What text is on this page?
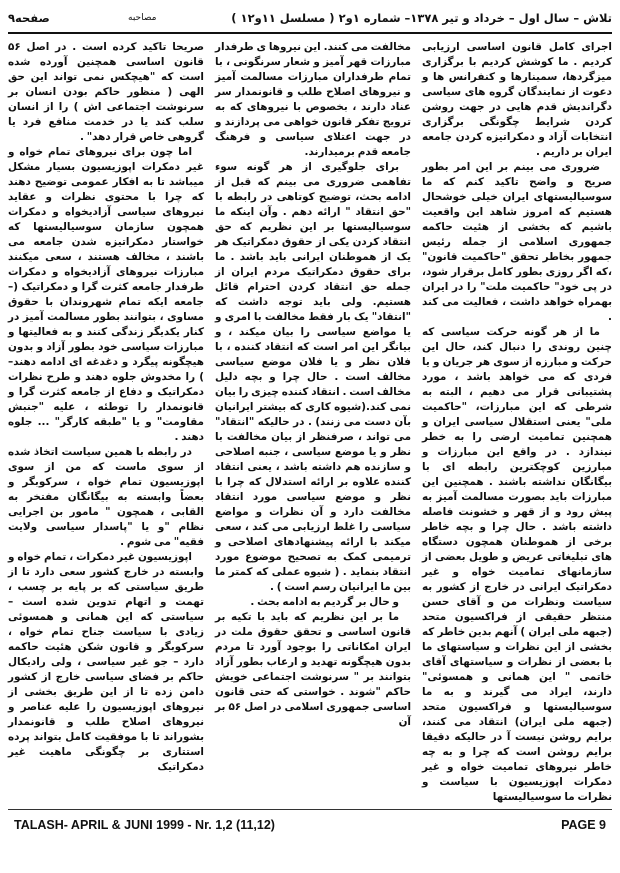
تلاش – سال اول – خرداد و تیر ۱۳۷۸– شماره ۱و۲ ( مسلسل ۱۱و۱۲ )
مصاحبه
صفحه۹

اجرای کامل قانون اساسی ارزیابی کردیم . ما کوشش کردیم با برگزاری میزگردها، سمینارها و کنفرانس ها و دعوت از نمایندگان گروه های سیاسی دگراندیش قدم هایی در جهت روشن کردن شرایط چگونگی برگزاری انتخابات آزاد و دمکراتیزه کردن جامعه ایران بر داریم .

ضروری می بینم بر این امر بطور صریح و واضح تاکید کنم که ما سوسیالیستهای ایران خیلی خوشحال هستیم که امروز شاهد این واقعیت باشیم که بخشی از هئیت حاکمه جمهوری اسلامی از جمله رئیس جمهور بخاطر تحقق "حاکمیت قانون" ،که اگر روزی بطور کامل برقرار شود، در پی خود" حاکمیت ملت" را در ایران بهمراه خواهد داشت ، فعالیت می کند .

ما از هر گونه حرکت سیاسی که چنین روندی را دنبال کند، حال این حرکت و مبارزه از سوی هر جریان و یا فردی که می خواهد باشد ، مورد پشتیبانی قرار می دهیم ، البته به شرطی که این مبارزات، "حاکمیت ملی" یعنی استقلال سیاسی ایران و همچنین تمامیت ارضی را به خطر نیندازد . در واقع این مبارزات و مبارزین کوچکترین رابطه ای با بیگانگان نداشته باشند . همچنین این مبارزات باید بصورت مسالمت آمیز به پیش رود و از قهر و خشونت فاصله داشته باشد . حال چرا و بچه خاطر برخی از هموطنان همچون دستگاه های تبلیغاتی عریض و طویل بعضی از سازمانهای تمامیت خواه و غیر دمکراتیک ایرانی در خارج از کشور به سیاست ونظرات من و آقای حسن منتظر حقیقی از فراکسیون متحد (جبهه ملی ایران ) آنهم بدین خاطر که بخشی از این نظرات و سیاستهای ما با بعضی از نظرات و سیاستهای آقای خاتمی " این همانی و همسوئی" دارند، ایراد می گیرند و به ما سوسیالیستها و فراکسیون متحد (جبهه ملی ایران) انتقاد می کنند، برایم روشن نیست آ در حالیکه دقیقا برایم روشن است که چرا و به چه خاطر نیروهای تمامیت خواه و غیر دمکرات اپوزیسیون با سیاست و نظرات ما سوسیالیستها

مخالفت می کنند. این نیروها ی طرفدار مبارزات قهر آمیز و شعار سرنگونی ، با تمام طرفداران مبارزات مسالمت آمیز و نیروهای اصلاح طلب و قانونمدار سر عناد دارند ، بخصوص با نیروهای که به ترویج تفکر قانون خواهی می پردازند و در جهت اعتلای سیاسی و فرهنگ جامعه قدم برمیدارند.

برای جلوگیری از هر گونه سوء تفاهمی ضروری می بینم که قبل از ادامه بحث، توضیح کوتاهی در رابطه با "حق انتقاد " ارائه دهم . وآن اینکه ما سوسیالیستها بر این نظریم که حق انتقاد کردن یکی از حقوق دمکراتیک هر یک از هموطنان ایرانی باید باشد . ما برای حقوق دمکراتیک مردم ایران از جمله حق انتقاد کردن احترام قائل هستیم. ولی باید توجه داشت که "انتقاد" یک بار فقط مخالفت با امری و یا مواضع سیاسی را بیان میکند ، و بیانگر این امر است که انتقاد کننده ، با فلان نظر و یا فلان موضع سیاسی مخالف است . حال چرا و بچه دلیل مخالف است . انتقاد کننده چیزی را بیان نمی کند.(شیوه کاری که بیشتر ایرانیان بآن دست می زنند) . در حالیکه "انتقاد" می تواند ، صرفنظر از بیان مخالفت با نظر و یا موضع سیاسی ، جنبه اصلاحی و سازنده هم داشته باشد ، یعنی انتقاد کننده علاوه بر ارائه استدلال که چرا با نظر و موضع سیاسی مورد انتقاد مخالفت دارد و آن نظرات و مواضع سیاسی را غلط ارزیابی می کند ، سعی میکند با ارائه پیشنهادهای اصلاحی و ترمیمی کمک به تصحیح موضوع مورد انتقاد بنماید . ( شیوه عملی که کمتر ما بین ما ایرانیان رسم است ) .

و حال بر گردیم به ادامه بحث .

ما بر این نظریم که باید با تکیه بر قانون اساسی و تحقق حقوق ملت در ایران امکاناتی را بوجود آورد تا مردم بدون هیچگونه تهدید و ارعاب بطور آزاد بتوانند بر " سرنوشت اجتماعی خویش حاکم "شوند . خواستی که حتی قانون اساسی جمهوری اسلامی در اصل ۵۶ بر آن

صریحا تاکید کرده است . در اصل ۵۶ قانون اساسی همچنین آورده شده است که "هیچکس نمی تواند این حق الهی ( منظور حاکم بودن انسان بر سرنوشت اجتماعی اش ) را از انسان سلب کند یا در خدمت منافع فرد یا گروهی خاص قرار دهد" .

اما چون برای نیروهای تمام خواه و غیر دمکرات اپوزیسیون بسیار مشکل میباشد تا به افکار عمومی توضیح دهند که چرا با محتوی نظرات و عقاید نیروهای سیاسی آزادیخواه و دمکرات همچون سازمان سوسیالیستها که خواستار دمکراتیزه شدن جامعه می باشند ، مخالف هستند ، سعی میکنند مبارزات نیروهای آزادیخواه و دمکرات طرفدار جامعه کثرت گرا و دمکراتیک (–جامعه ایکه تمام شهروندان با حقوق مساوی ، بتوانند بطور مسالمت آمیز در کنار یکدیگر زندگی کنند و به فعالیتها و مبارزات سیاسی خود بطور آزاد و بدون هیچگونه پیگرد و دغدغه ای ادامه دهند– ) را مخدوش جلوه دهند و طرح نظرات دمکراتیک و دفاع از جامعه کثرت گرا و قانونمدار را توطئه ، علیه "جنبش مقاومت" و یا "طبقه کارگر" ... جلوه دهند .

در رابطه با همین سیاست اتخاذ شده از سوی ماست که من از سوی اپوزیسیون تمام خواه ، سرکوبگر و بعضاً وابسته به بیگانگان مفتخر به القابی ، همچون " مامور بن اجرایی نظام "و یا "پاسدار سیاسی ولایت فقیه" می شوم .

اپوزیسیون غیر دمکرات ، تمام خواه و وابسته در خارج کشور سعی دارد تا از طریق سیاستی که بر پایه بر چسب ، تهمت و اتهام تدوین شده است – سیاستی که این همانی و همسوئی زیادی با سیاست جناح تمام خواه ، سرکوبگر و قانون شکن هئیت حاکمه دارد – جو غیر سیاسی ، ولی رادیکال حاکم بر فضای سیاسی خارج از کشور دامن زده تا از این طریق بخشی از نیروهای اپوزیسیون را علیه عناصر و نیروهای اصلاح طلب و قانونمدار بشوراند تا با موفقیت کامل بتواند پرده استتاری بر چگونگی ماهیت غیر دمکراتیک

TALASH- APRIL & JUNI 1999 - Nr. 1,2 (11,12)	PAGE 9
